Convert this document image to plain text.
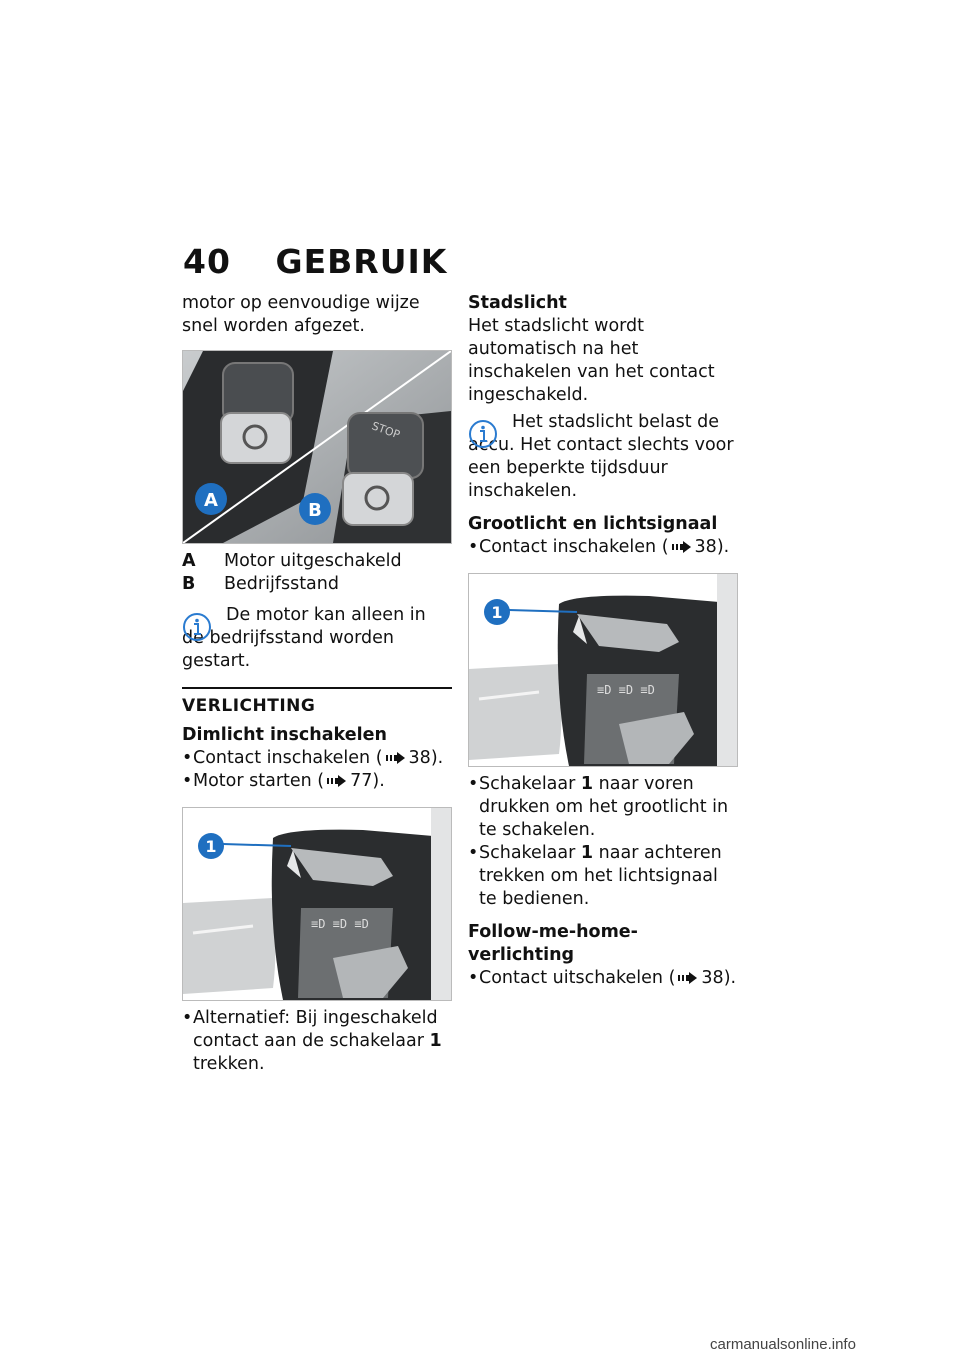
40 GEBRUIK

motor op eenvoudige wijze snel worden afgezet.

STOP
A	B
A	Motor uitgeschakeld
B	Bedrijfsstand

De motor kan alleen in de bedrijfsstand worden gestart.

VERLICHTING
Dimlicht inschakelen
• Contact inschakelen ( 38).
• Motor starten ( 77).
≡D ≡D ≡D
1
• Alternatief: Bij ingeschakeld contact aan de schakelaar 1 trekken.
Stadslicht

Het stadslicht wordt automatisch na het inschakelen van het contact ingeschakeld.

Het stadslicht belast de accu. Het contact slechts voor een beperkte tijdsduur inschakelen.

Grootlicht en lichtsignaal
• Contact inschakelen ( 38).
≡D ≡D ≡D
1
• Schakelaar 1 naar voren drukken om het grootlicht in te schakelen.
• Schakelaar 1 naar achteren trekken om het lichtsignaal te bedienen.
Follow-me-home-verlichting
• Contact uitschakelen ( 38).
carmanualsonline.info
